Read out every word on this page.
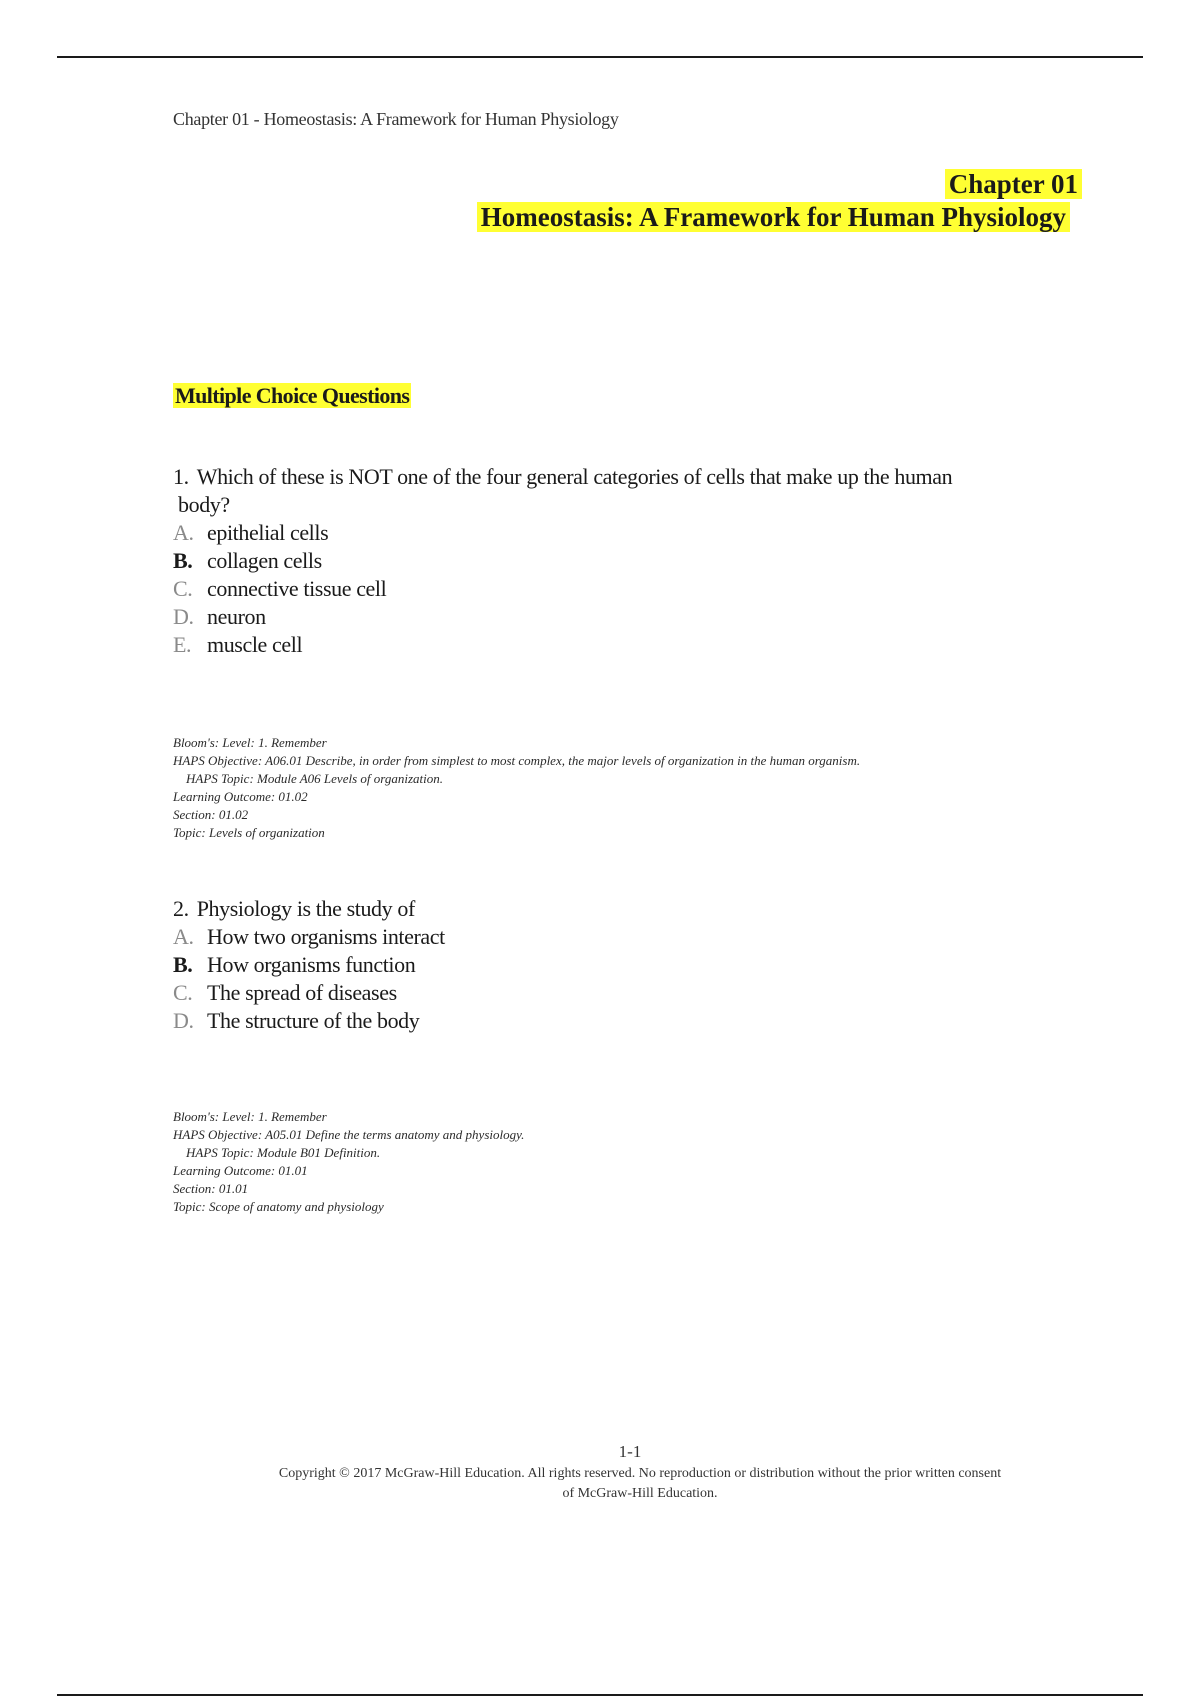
Chapter 01 - Homeostasis: A Framework for Human Physiology
Chapter 01
Homeostasis: A Framework for Human Physiology
Multiple Choice Questions
1. Which of these is NOT one of the four general categories of cells that make up the human
body?
A. epithelial cells
B. collagen cells
C. connective tissue cell
D. neuron
E. muscle cell
Bloom's: Level: 1. Remember
HAPS Objective: A06.01 Describe, in order from simplest to most complex, the major levels of organization in the human organism.
HAPS Topic: Module A06 Levels of organization.
Learning Outcome: 01.02
Section: 01.02
Topic: Levels of organization
2. Physiology is the study of
A. How two organisms interact
B. How organisms function
C. The spread of diseases
D. The structure of the body
Bloom's: Level: 1. Remember
HAPS Objective: A05.01 Define the terms anatomy and physiology.
HAPS Topic: Module B01 Definition.
Learning Outcome: 01.01
Section: 01.01
Topic: Scope of anatomy and physiology
1-1
Copyright © 2017 McGraw-Hill Education. All rights reserved. No reproduction or distribution without the prior written consent
of McGraw-Hill Education.
